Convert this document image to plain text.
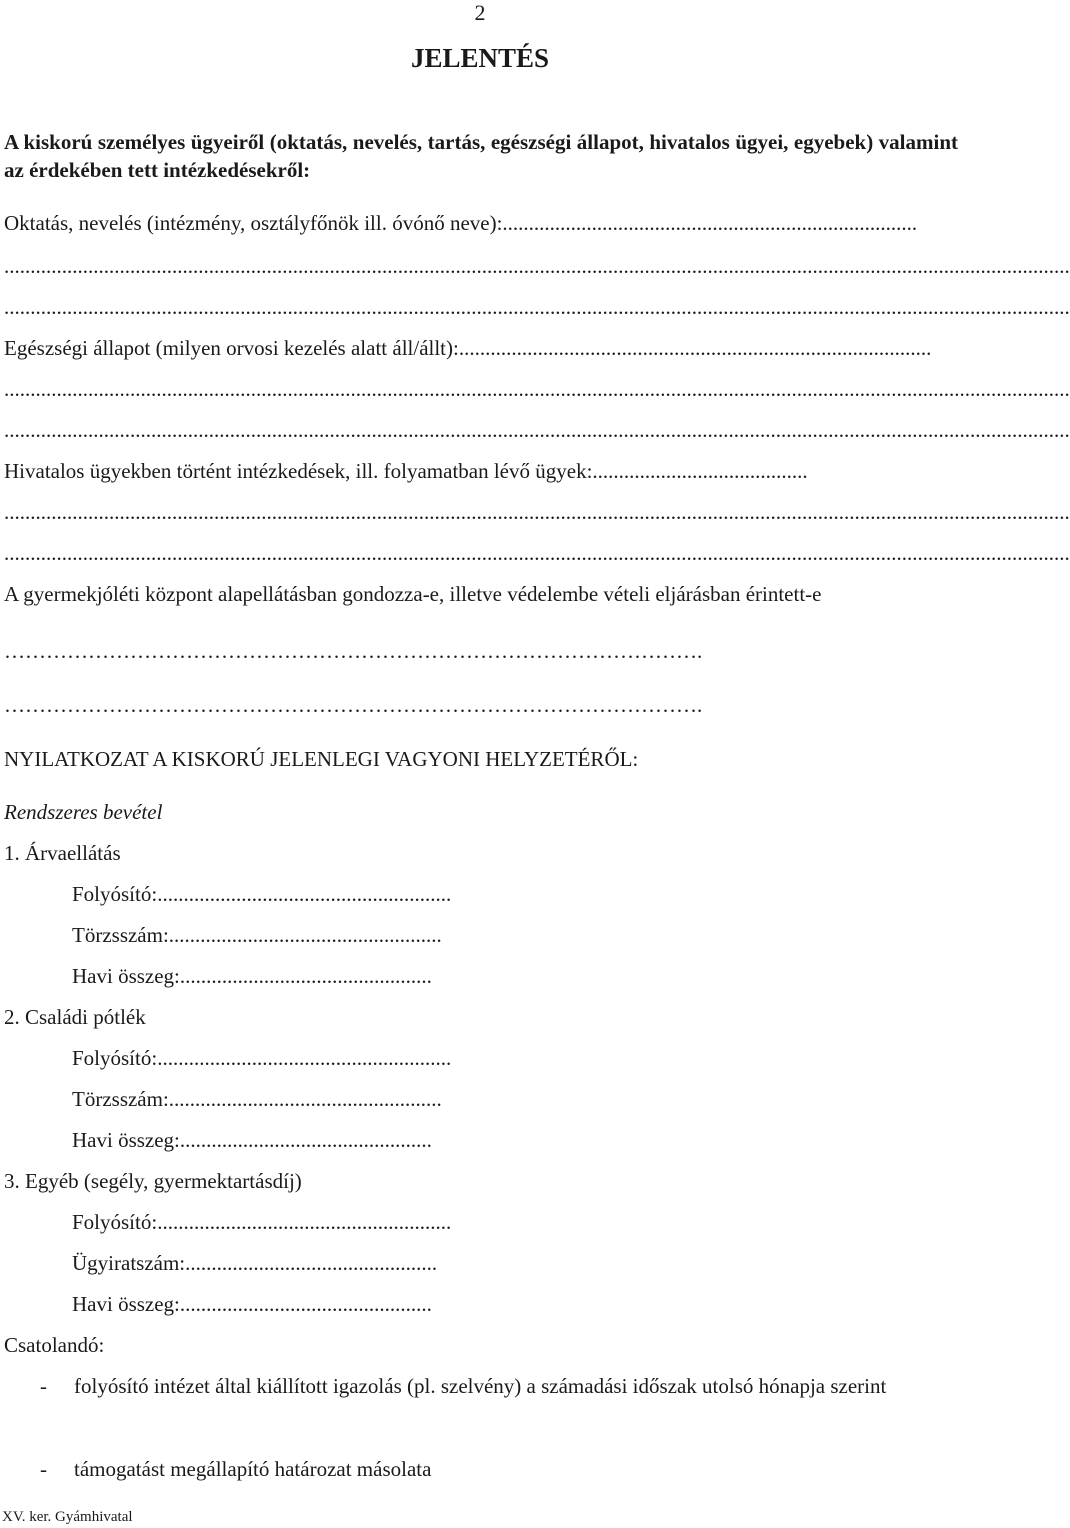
2
JELENTÉS
A kiskorú személyes ügyeiről (oktatás, nevelés, tartás, egészségi állapot, hivatalos ügyei, egyebek) valamint az érdekében tett intézkedésekről:
Oktatás, nevelés (intézmény, osztályfőnök ill. óvónő neve):...............................................................................
...........................................................................................................................................................................................................
...........................................................................................................................................................................................................
Egészségi állapot (milyen orvosi kezelés alatt áll/állt):..........................................................................................
...........................................................................................................................................................................................................
...........................................................................................................................................................................................................
Hivatalos ügyekben történt intézkedések, ill. folyamatban lévő ügyek:.........................................
...........................................................................................................................................................................................................
...........................................................................................................................................................................................................
A gyermekjóléti központ alapellátásban gondozza-e, illetve védelembe vételi eljárásban érintett-e
……………………………………………………………………………………….
……………………………………………………………………………………….
NYILATKOZAT A KISKORÚ JELENLEGI VAGYONI HELYZETÉRŐL:
Rendszeres bevétel
1. Árvaellátás
Folyósító:........................................................
Törzsszám:....................................................
Havi összeg:................................................
2. Családi pótlék
Folyósító:........................................................
Törzsszám:....................................................
Havi összeg:................................................
3. Egyéb (segély, gyermektartásdíj)
Folyósító:........................................................
Ügyiratszám:................................................
Havi összeg:................................................
Csatolandó:
- folyósító intézet által kiállított igazolás (pl. szelvény) a számadási időszak utolsó hónapja szerint
- támogatást megállapító határozat másolata
XV. ker. Gyámhivatal
